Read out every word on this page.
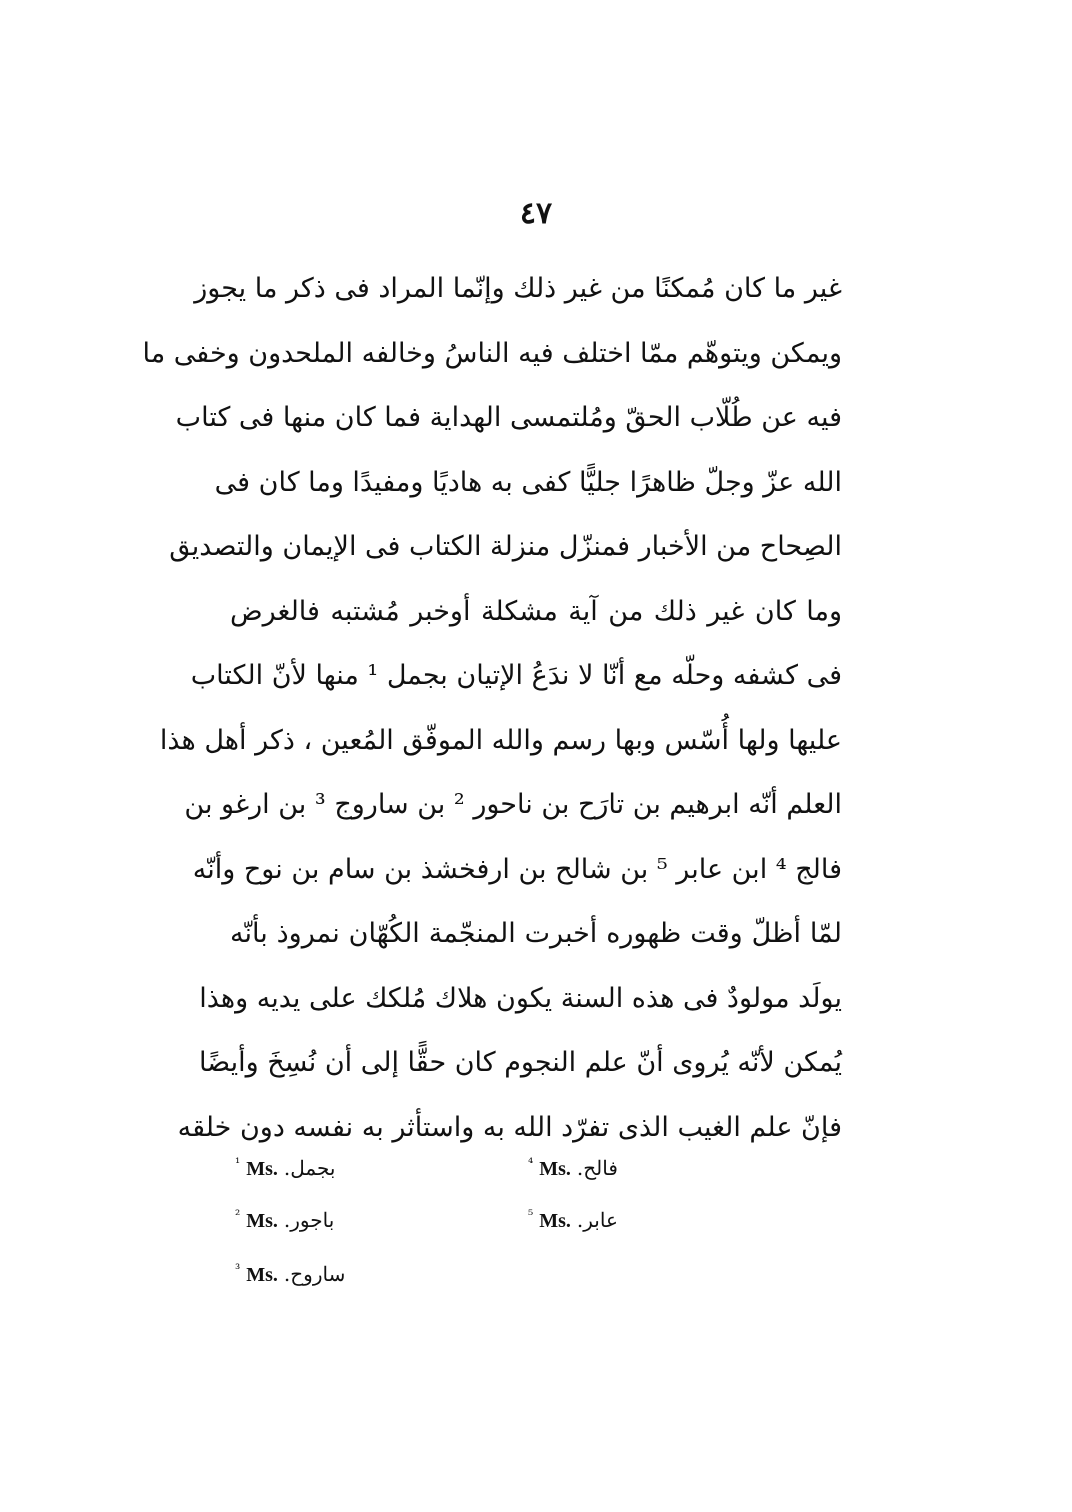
٤٧
غير ما كان مُمكنًا من غير ذلك وإنّما المراد فى ذكر ما يجوز
ويمكن ويتوهّم ممّا اختلف فيه الناسُ وخالفه الملحدون وخفى ما
فيه عن طُلّاب الحقّ ومُلتمسى الهداية فما كان منها فى كتاب
الله عزّ وجلّ ظاهرًا جليًّا كفى به هاديًا ومفيدًا وما كان فى
الصِحاح من الأخبار فمنزّل منزلة الكتاب فى الإيمان والتصديق
وما كان غير ذلك من آية مشكلة أوخبر مُشتبه فالغرض
فى كشفه وحلّه مع أنّا لا ندَعُ الإتيان بجمل ¹ منها لأنّ الكتاب
عليها ولها أُسّس وبها رسم والله الموفّق المُعين ، ذكر أهل هذا
العلم أنّه ابرهيم بن تارَح بن ناحور ² بن ساروج ³ بن ارغو بن
فالج ⁴ ابن عابر ⁵ بن شالح بن ارفخشذ بن سام بن نوح وأنّه
لمّا أظلّ وقت ظهوره أخبرت المنجّمة الكُهّان نمروذ بأنّه
يولَد مولودٌ فى هذه السنة يكون هلاك مُلكك على يديه وهذا
يُمكن لأنّه يُروى أنّ علم النجوم كان حقًّا إلى أن نُسِخَ وأيضًا
فإنّ علم الغيب الذى تفرّد الله به واستأثر به نفسه دون خلقه
$^{^1}$ Ms. بجمل.
$^{^2}$ Ms. باجور.
$^{^3}$ Ms. ساروح.
$^{^4}$ Ms. فالح.
$^{^5}$ Ms. عابر.
